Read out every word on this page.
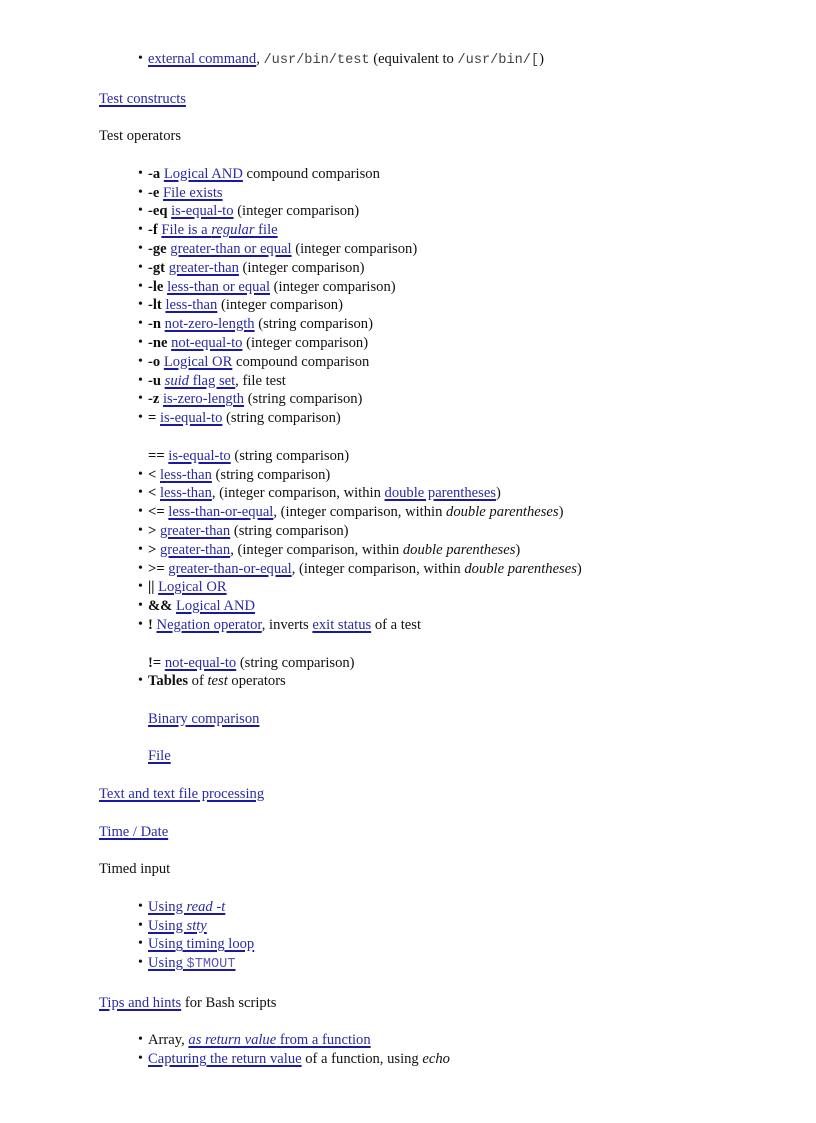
• external command, /usr/bin/test (equivalent to /usr/bin/[)

Test constructs

Test operators

• -a Logical AND compound comparison
• -e File exists
• -eq is-equal-to (integer comparison)
• -f File is a regular file
• -ge greater-than or equal (integer comparison)
• -gt greater-than (integer comparison)
• -le less-than or equal (integer comparison)
• -lt less-than (integer comparison)
• -n not-zero-length (string comparison)
• -ne not-equal-to (integer comparison)
• -o Logical OR compound comparison
• -u suid flag set, file test
• -z is-zero-length (string comparison)
• = is-equal-to (string comparison)
== is-equal-to (string comparison)
• < less-than (string comparison)
• < less-than, (integer comparison, within double parentheses)
• <= less-than-or-equal, (integer comparison, within double parentheses)
• > greater-than (string comparison)
• > greater-than, (integer comparison, within double parentheses)
• >= greater-than-or-equal, (integer comparison, within double parentheses)
• || Logical OR
• && Logical AND
• ! Negation operator, inverts exit status of a test
!= not-equal-to (string comparison)
• Tables of test operators
Binary comparison
File

Text and text file processing

Time / Date

Timed input

• Using read -t
• Using stty
• Using timing loop
• Using $TMOUT

Tips and hints for Bash scripts

• Array, as return value from a function
• Capturing the return value of a function, using echo
